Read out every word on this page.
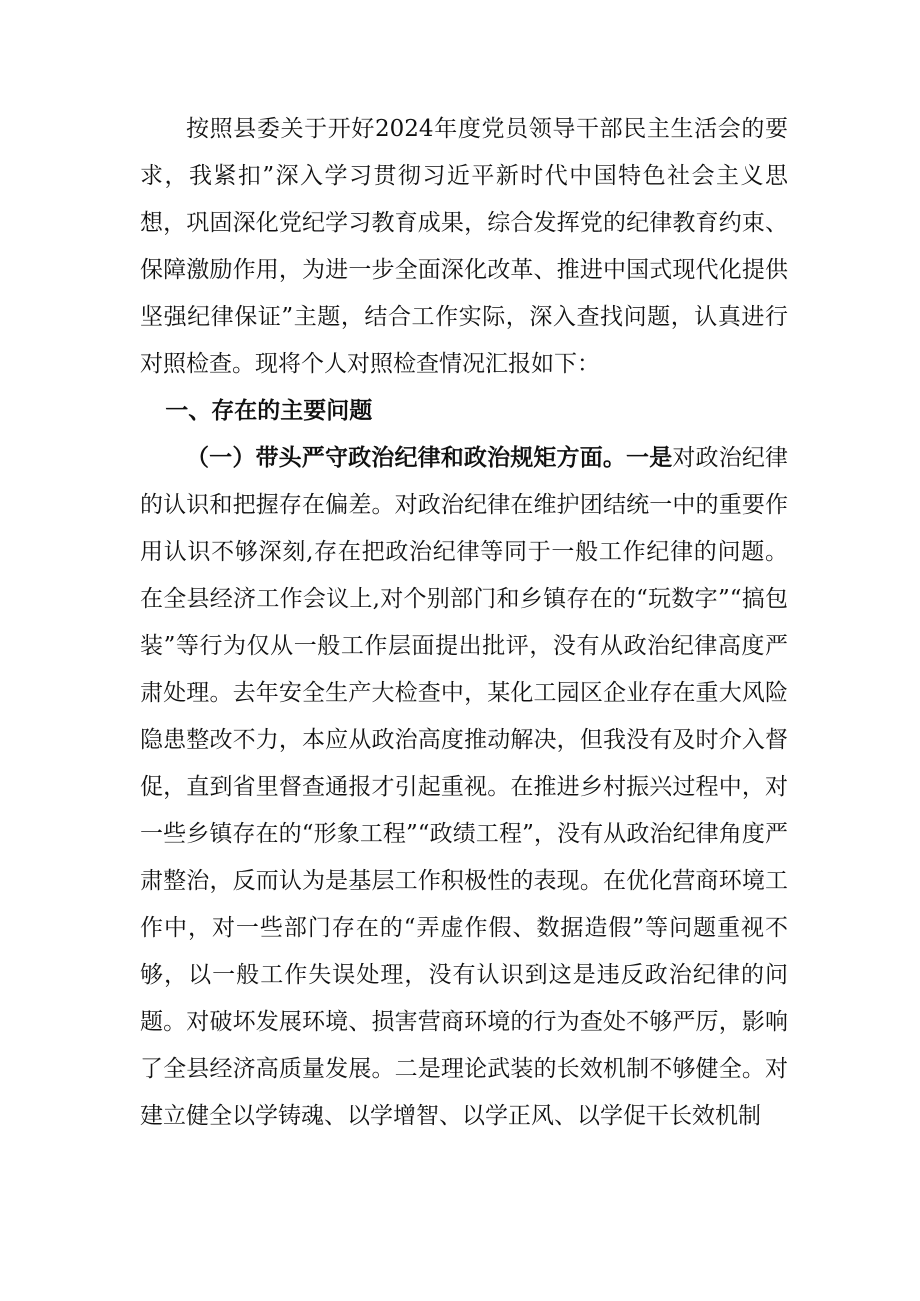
按照县委关于开好2024年度党员领导干部民主生活会的要求，我紧扣”深入学习贯彻习近平新时代中国特色社会主义思想，巩固深化党纪学习教育成果，综合发挥党的纪律教育约束、保障激励作用，为进一步全面深化改革、推进中国式现代化提供坚强纪律保证”主题，结合工作实际，深入查找问题，认真进行对照检查。现将个人对照检查情况汇报如下：

一、存在的主要问题

（一）带头严守政治纪律和政治规矩方面。一是对政治纪律的认识和把握存在偏差。对政治纪律在维护团结统一中的重要作用认识不够深刻,存在把政治纪律等同于一般工作纪律的问题。在全县经济工作会议上,对个别部门和乡镇存在的“玩数字”“搞包装”等行为仅从一般工作层面提出批评，没有从政治纪律高度严肃处理。去年安全生产大检查中，某化工园区企业存在重大风险隐患整改不力，本应从政治高度推动解决，但我没有及时介入督促，直到省里督查通报才引起重视。在推进乡村振兴过程中，对一些乡镇存在的“形象工程”“政绩工程”，没有从政治纪律角度严肃整治，反而认为是基层工作积极性的表现。在优化营商环境工作中，对一些部门存在的“弄虚作假、数据造假”等问题重视不够，以一般工作失误处理，没有认识到这是违反政治纪律的问题。对破坏发展环境、损害营商环境的行为查处不够严厉，影响了全县经济高质量发展。二是理论武装的长效机制不够健全。对建立健全以学铸魂、以学增智、以学正风、以学促干长效机制
